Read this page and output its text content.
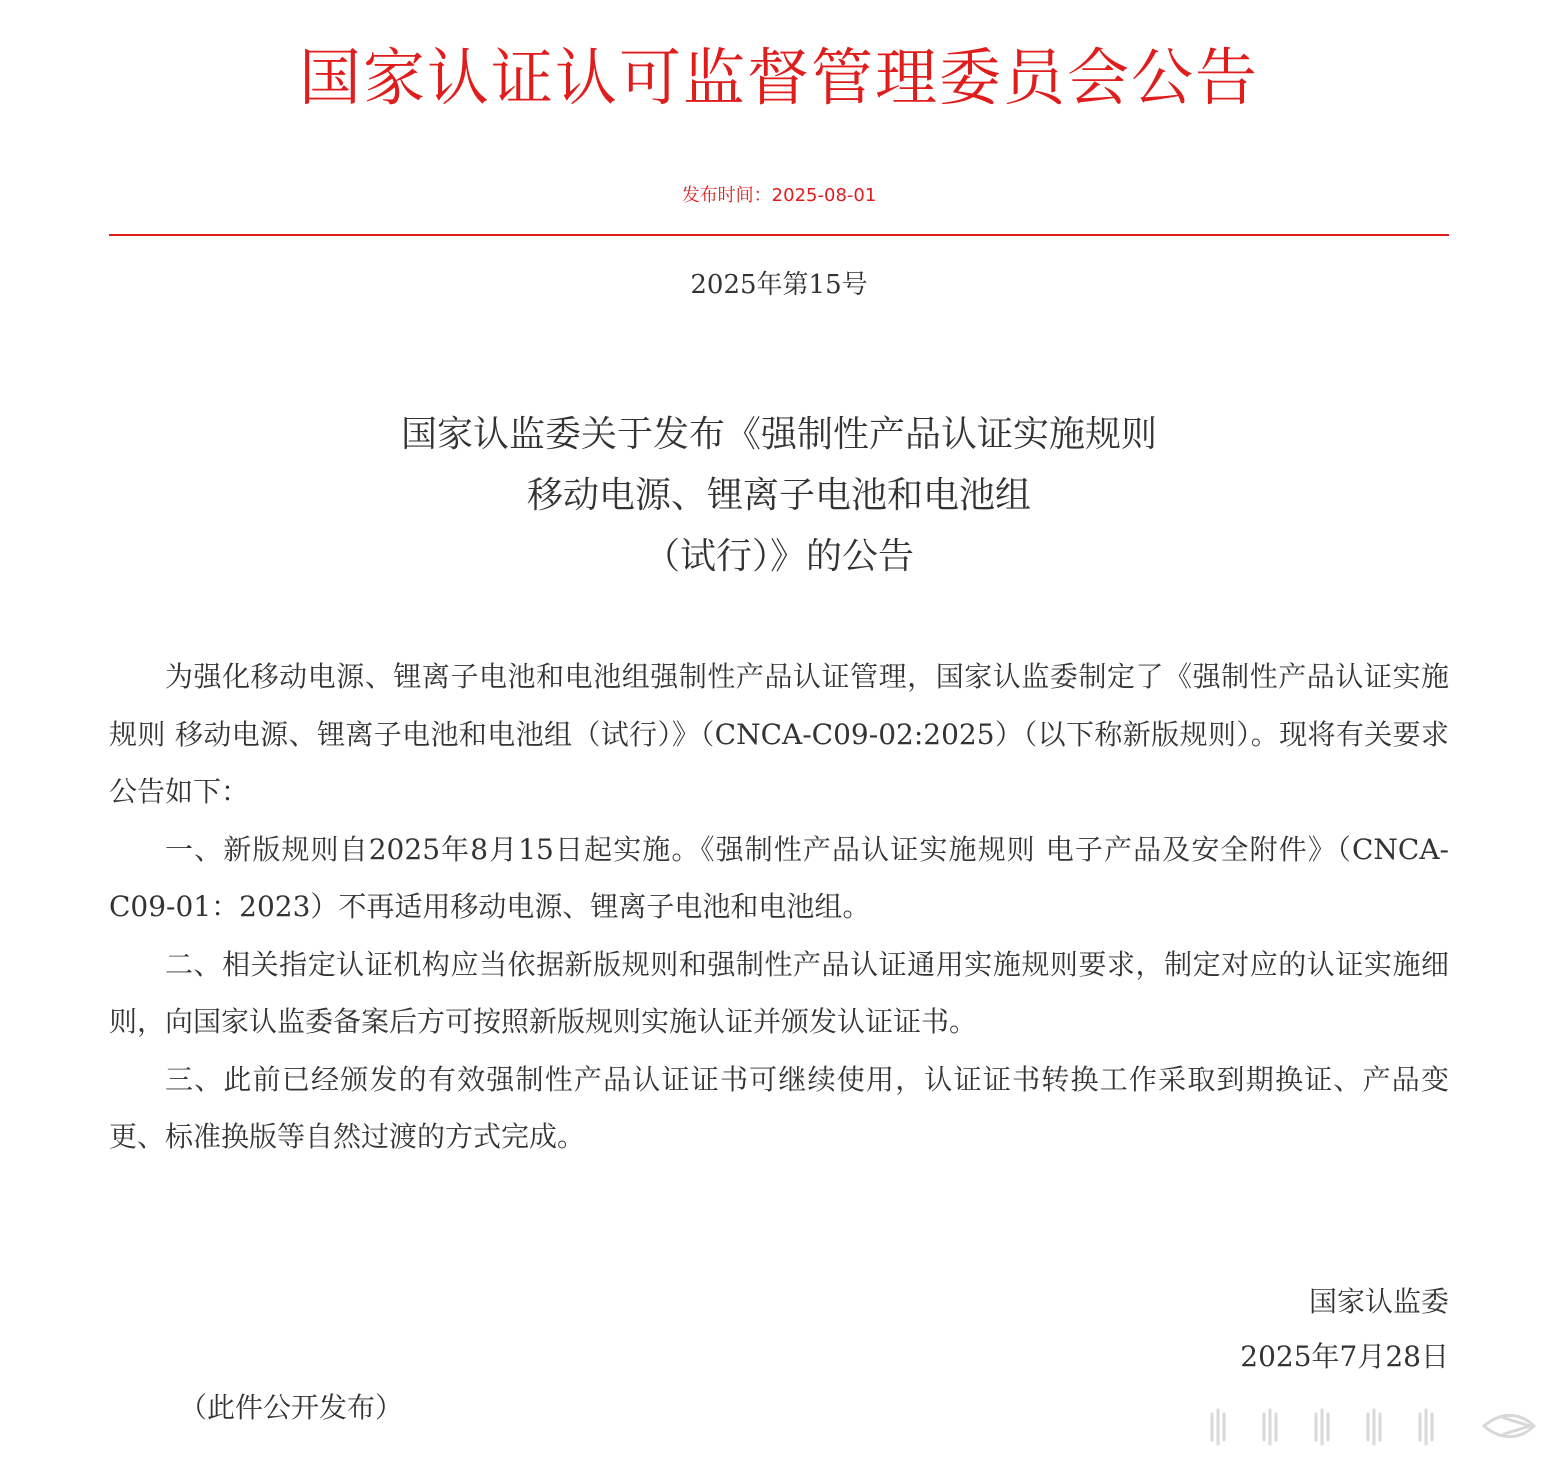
国家认证认可监督管理委员会公告
发布时间：2025-08-01
2025年第15号
国家认监委关于发布《强制性产品认证实施规则
移动电源、锂离子电池和电池组
（试行）》的公告

为强化移动电源、锂离子电池和电池组强制性产品认证管理，国家认监委制定了《强制性产品认证实施规则 移动电源、锂离子电池和电池组（试行）》（CNCA-C09-02:2025）（以下称新版规则）。现将有关要求公告如下：

一、新版规则自2025年8月15日起实施。《强制性产品认证实施规则 电子产品及安全附件》（CNCA-C09-01：2023）不再适用移动电源、锂离子电池和电池组。

二、相关指定认证机构应当依据新版规则和强制性产品认证通用实施规则要求，制定对应的认证实施细则，向国家认监委备案后方可按照新版规则实施认证并颁发认证证书。

三、此前已经颁发的有效强制性产品认证证书可继续使用，认证证书转换工作采取到期换证、产品变更、标准换版等自然过渡的方式完成。

国家认监委
2025年7月28日
（此件公开发布）
